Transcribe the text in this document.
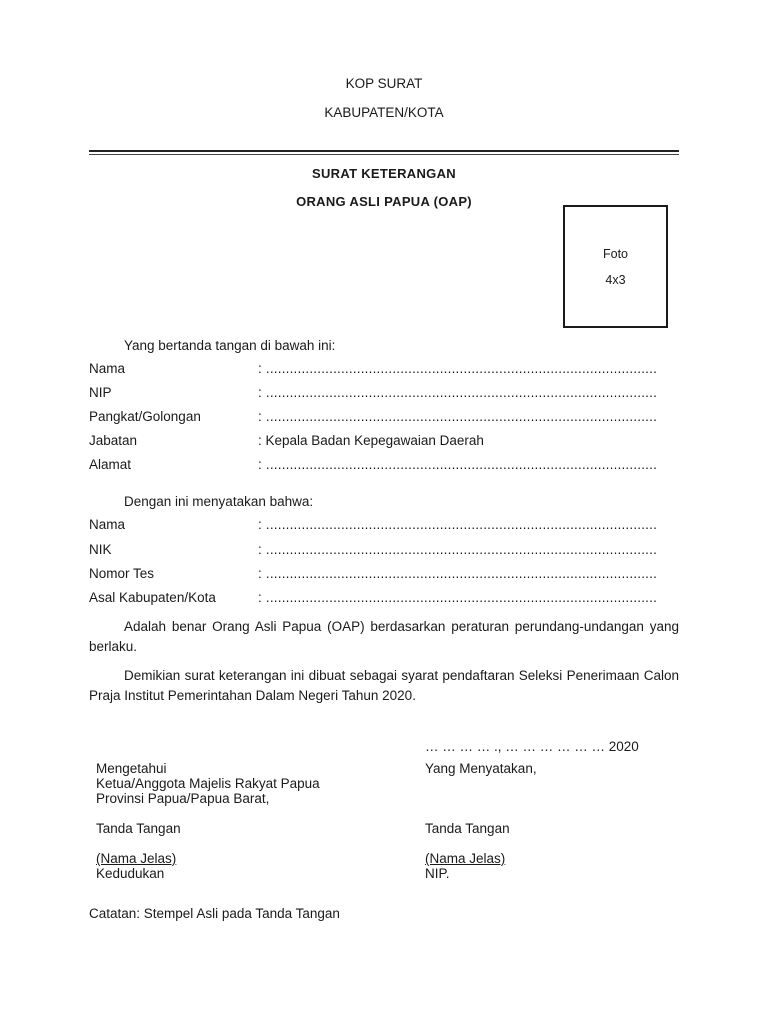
KOP SURAT
KABUPATEN/KOTA
SURAT KETERANGAN
ORANG ASLI PAPUA (OAP)
Foto
4x3
Yang bertanda tangan di bawah ini:
Nama	: ...................................................................................................
NIP	: ...................................................................................................
Pangkat/Golongan	: ...................................................................................................
Jabatan	: Kepala Badan Kepegawaian Daerah
Alamat	: ...................................................................................................
Dengan ini menyatakan bahwa:
Nama	: ...................................................................................................
NIK	: ...................................................................................................
Nomor Tes	: ...................................................................................................
Asal Kabupaten/Kota	: ...................................................................................................
Adalah benar Orang Asli Papua (OAP) berdasarkan peraturan perundang-undangan yang berlaku.
Demikian surat keterangan ini dibuat sebagai syarat pendaftaran Seleksi Penerimaan Calon Praja Institut Pemerintahan Dalam Negeri Tahun 2020.
… … … … ., … … … … … … 2020
Mengetahui
Ketua/Anggota Majelis Rakyat Papua
Provinsi Papua/Papua Barat,
Tanda Tangan
(Nama Jelas)
Kedudukan
Yang Menyatakan,
Tanda Tangan
(Nama Jelas)
NIP.
Catatan: Stempel Asli pada Tanda Tangan
